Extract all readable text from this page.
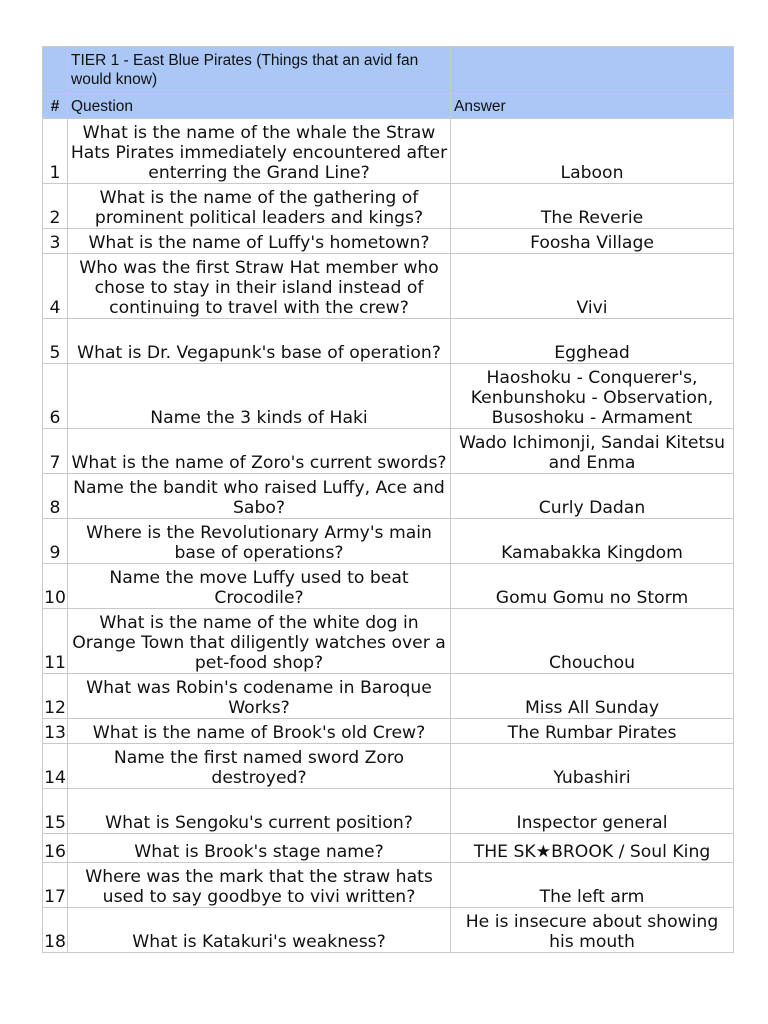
	TIER 1 - East Blue Pirates (Things that an avid fan would know)	
#	Question	Answer
1	What is the name of the whale the Straw Hats Pirates immediately encountered after enterring the Grand Line?	Laboon
2	What is the name of the gathering of prominent political leaders and kings?	The Reverie
3	What is the name of Luffy's hometown?	Foosha Village
4	Who was the first Straw Hat member who chose to stay in their island instead of continuing to travel with the crew?	Vivi
5	What is Dr. Vegapunk's base of operation?	Egghead
6	Name the 3 kinds of Haki	Haoshoku - Conquerer's, Kenbunshoku - Observation, Busoshoku - Armament
7	What is the name of Zoro's current swords?	Wado Ichimonji, Sandai Kitetsu and Enma
8	Name the bandit who raised Luffy, Ace and Sabo?	Curly Dadan
9	Where is the Revolutionary Army's main base of operations?	Kamabakka Kingdom
10	Name the move Luffy used to beat Crocodile?	Gomu Gomu no Storm
11	What is the name of the white dog in Orange Town that diligently watches over a pet-food shop?	Chouchou
12	What was Robin's codename in Baroque Works?	Miss All Sunday
13	What is the name of Brook's old Crew?	The Rumbar Pirates
14	Name the first named sword Zoro destroyed?	Yubashiri
15	What is Sengoku's current position?	Inspector general
16	What is Brook's stage name?	THE SK★BROOK / Soul King
17	Where was the mark that the straw hats used to say goodbye to vivi written?	The left arm
18	What is Katakuri's weakness?	He is insecure about showing his mouth
